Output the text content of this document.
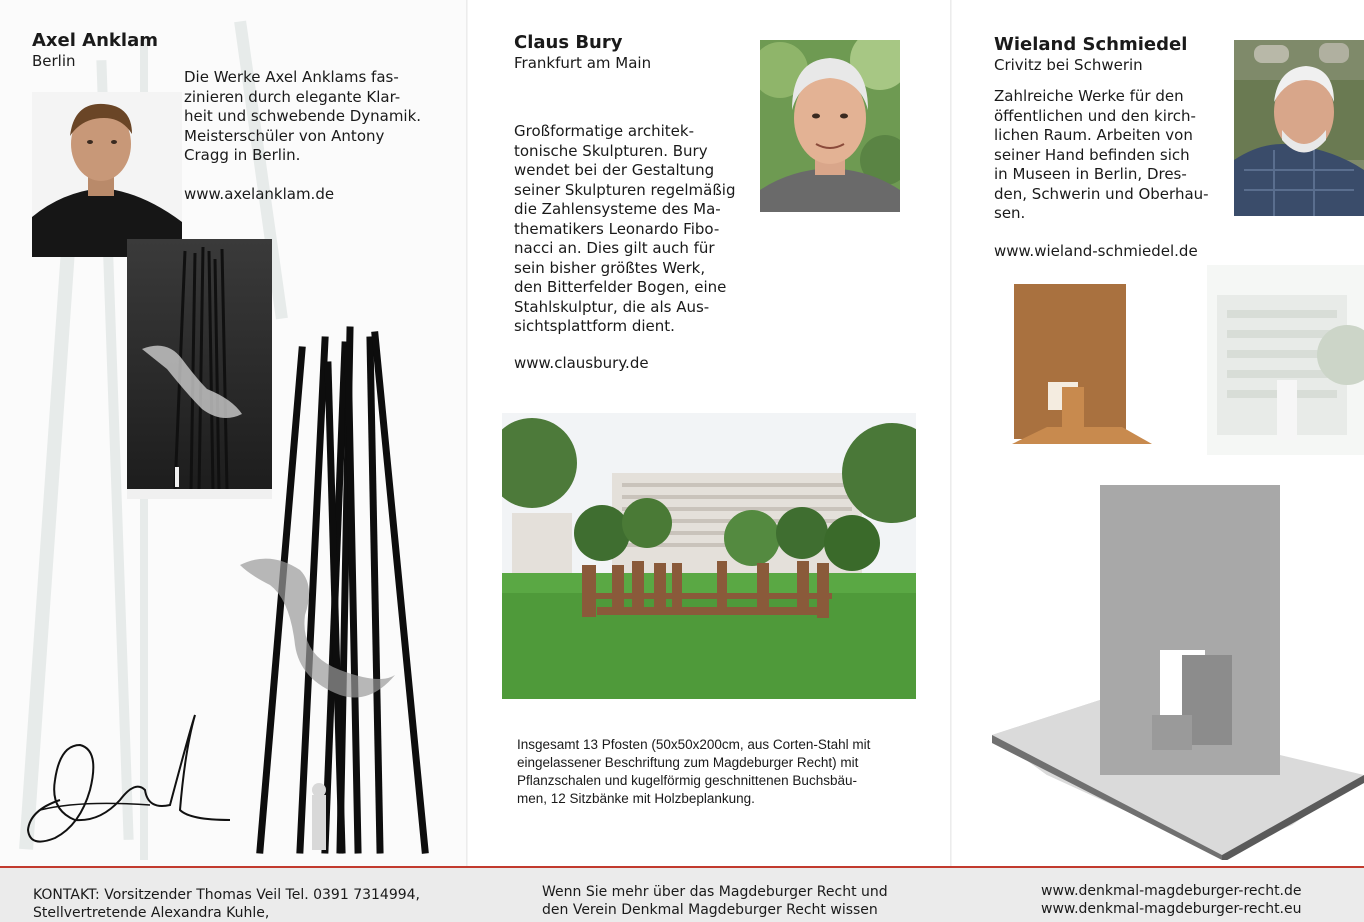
Axel Anklam
Berlin

Die Werke Axel Anklams fas-
zinieren durch elegante Klar-
heit und schwebende Dynamik.
Meisterschüler von Antony
Cragg in Berlin.

www.axelanklam.de
Claus Bury
Frankfurt am Main

Großformatige architek-
tonische Skulpturen. Bury
wendet bei der Gestaltung
seiner Skulpturen regelmäßig
die Zahlensysteme des Ma-
thematikers Leonardo Fibo-
nacci an. Dies gilt auch für
sein bisher größtes Werk,
den Bitterfelder Bogen, eine
Stahlskulptur, die als Aus-
sichtsplattform dient.

www.clausbury.de

Insgesamt 13 Pfosten (50x50x200cm, aus Corten-Stahl mit
eingelassener Beschriftung zum Magdeburger Recht) mit
Pflanzschalen und kugelförmig geschnittenen Buchsbäu-
men, 12 Sitzbänke mit Holzbeplankung.

Wieland Schmiedel
Crivitz bei Schwerin

Zahlreiche Werke für den
öffentlichen und den kirch-
lichen Raum. Arbeiten von
seiner Hand befinden sich
in Museen in Berlin, Dres-
den, Schwerin und Oberhau-
sen.

www.wieland-schmiedel.de

KONTAKT: Vorsitzender Thomas Veil Tel. 0391 7314994,
Stellvertretende Alexandra Kuhle,

Wenn Sie mehr über das Magdeburger Recht und
den Verein Denkmal Magdeburger Recht wissen

www.denkmal-magdeburger-recht.de
www.denkmal-magdeburger-recht.eu
